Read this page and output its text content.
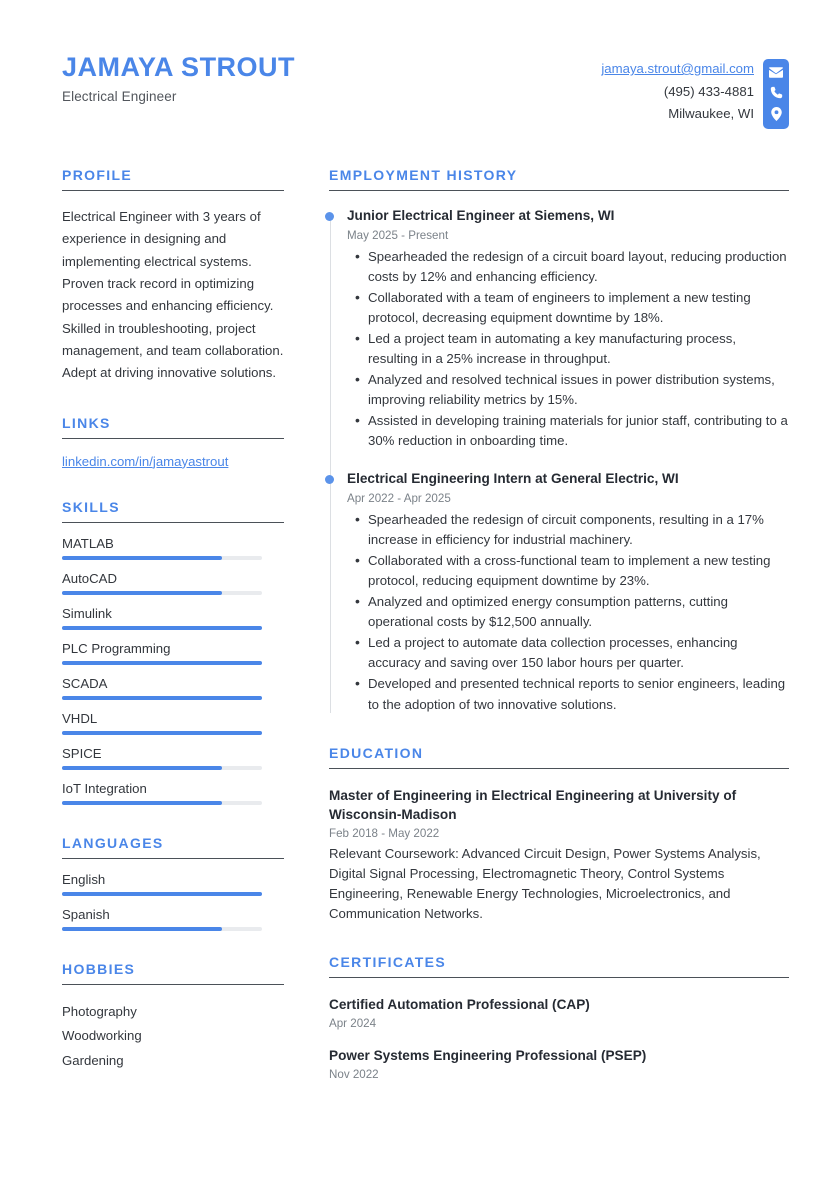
JAMAYA STROUT
Electrical Engineer
jamaya.strout@gmail.com
(495) 433-4881
Milwaukee, WI
PROFILE
Electrical Engineer with 3 years of experience in designing and implementing electrical systems. Proven track record in optimizing processes and enhancing efficiency. Skilled in troubleshooting, project management, and team collaboration. Adept at driving innovative solutions.
LINKS
linkedin.com/in/jamayastrout
SKILLS
MATLAB
AutoCAD
Simulink
PLC Programming
SCADA
VHDL
SPICE
IoT Integration
LANGUAGES
English
Spanish
HOBBIES
Photography
Woodworking
Gardening
EMPLOYMENT HISTORY
Junior Electrical Engineer at Siemens, WI
May 2025 - Present
• Spearheaded the redesign of a circuit board layout, reducing production costs by 12% and enhancing efficiency.
• Collaborated with a team of engineers to implement a new testing protocol, decreasing equipment downtime by 18%.
• Led a project team in automating a key manufacturing process, resulting in a 25% increase in throughput.
• Analyzed and resolved technical issues in power distribution systems, improving reliability metrics by 15%.
• Assisted in developing training materials for junior staff, contributing to a 30% reduction in onboarding time.
Electrical Engineering Intern at General Electric, WI
Apr 2022 - Apr 2025
• Spearheaded the redesign of circuit components, resulting in a 17% increase in efficiency for industrial machinery.
• Collaborated with a cross-functional team to implement a new testing protocol, reducing equipment downtime by 23%.
• Analyzed and optimized energy consumption patterns, cutting operational costs by $12,500 annually.
• Led a project to automate data collection processes, enhancing accuracy and saving over 150 labor hours per quarter.
• Developed and presented technical reports to senior engineers, leading to the adoption of two innovative solutions.
EDUCATION
Master of Engineering in Electrical Engineering at University of Wisconsin-Madison
Feb 2018 - May 2022
Relevant Coursework: Advanced Circuit Design, Power Systems Analysis, Digital Signal Processing, Electromagnetic Theory, Control Systems Engineering, Renewable Energy Technologies, Microelectronics, and Communication Networks.
CERTIFICATES
Certified Automation Professional (CAP)
Apr 2024
Power Systems Engineering Professional (PSEP)
Nov 2022
